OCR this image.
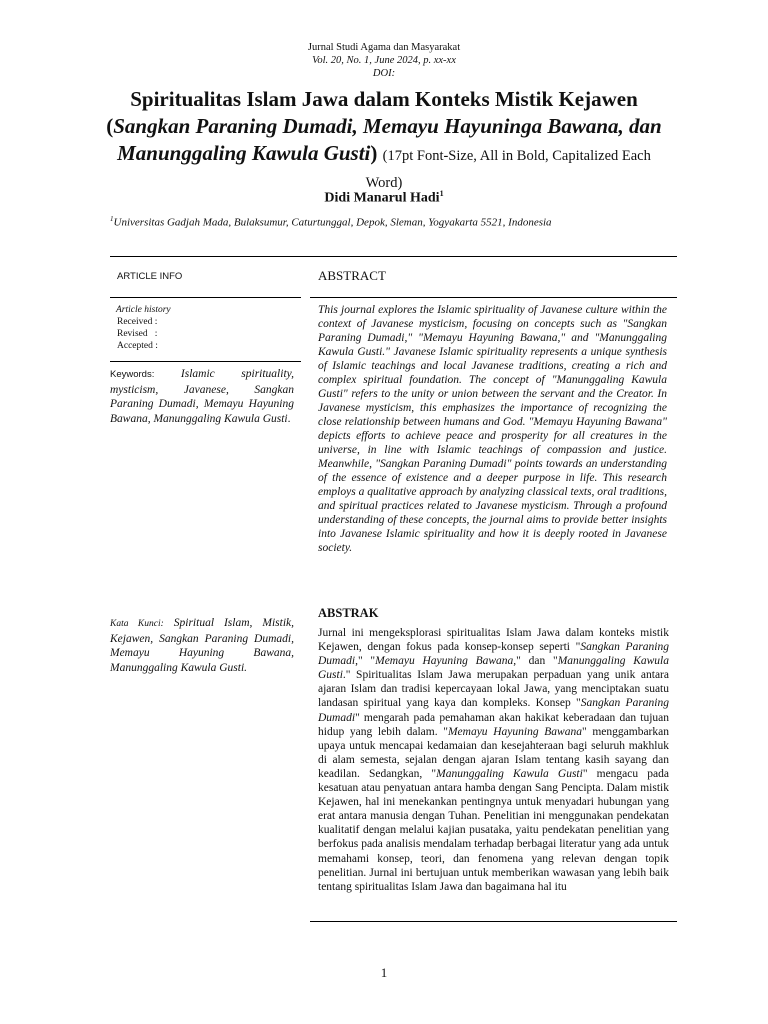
Jurnal Studi Agama dan Masyarakat
Vol. 20, No. 1, June 2024, p. xx-xx
DOI:
Spiritualitas Islam Jawa dalam Konteks Mistik Kejawen
(Sangkan Paraning Dumadi, Memayu Hayuninga Bawana, dan Manunggaling Kawula Gusti) (17pt Font-Size, All in Bold, Capitalized Each Word)
Didi Manarul Hadi$^1$
$^1$Universitas Gadjah Mada, Bulaksumur, Caturtunggal, Depok, Sleman, Yogyakarta 5521, Indonesia
ARTICLE INFO	ABSTRACT
Article history
Received :
Revised   :
Accepted :
Keywords: Islamic spirituality, mysticism, Javanese, Sangkan Paraning Dumadi, Memayu Hayuning Bawana, Manunggaling Kawula Gusti.
This journal explores the Islamic spirituality of Javanese culture within the context of Javanese mysticism, focusing on concepts such as "Sangkan Paraning Dumadi," "Memayu Hayuning Bawana," and "Manunggaling Kawula Gusti." Javanese Islamic spirituality represents a unique synthesis of Islamic teachings and local Javanese traditions, creating a rich and complex spiritual foundation. The concept of "Manunggaling Kawula Gusti" refers to the unity or union between the servant and the Creator. In Javanese mysticism, this emphasizes the importance of recognizing the close relationship between humans and God. "Memayu Hayuning Bawana" depicts efforts to achieve peace and prosperity for all creatures in the universe, in line with Islamic teachings of compassion and justice. Meanwhile, "Sangkan Paraning Dumadi" points towards an understanding of the essence of existence and a deeper purpose in life. This research employs a qualitative approach by analyzing classical texts, oral traditions, and spiritual practices related to Javanese mysticism. Through a profound understanding of these concepts, the journal aims to provide better insights into Javanese Islamic spirituality and how it is deeply rooted in Javanese society.
Kata Kunci: Spiritual Islam, Mistik, Kejawen, Sangkan Paraning Dumadi, Memayu Hayuning Bawana, Manunggaling Kawula Gusti.
ABSTRAK
Jurnal ini mengeksplorasi spiritualitas Islam Jawa dalam konteks mistik Kejawen, dengan fokus pada konsep-konsep seperti "Sangkan Paraning Dumadi," "Memayu Hayuning Bawana," dan "Manunggaling Kawula Gusti." Spiritualitas Islam Jawa merupakan perpaduan yang unik antara ajaran Islam dan tradisi kepercayaan lokal Jawa, yang menciptakan suatu landasan spiritual yang kaya dan kompleks. Konsep "Sangkan Paraning Dumadi" mengarah pada pemahaman akan hakikat keberadaan dan tujuan hidup yang lebih dalam. "Memayu Hayuning Bawana" menggambarkan upaya untuk mencapai kedamaian dan kesejahteraan bagi seluruh makhluk di alam semesta, sejalan dengan ajaran Islam tentang kasih sayang dan keadilan. Sedangkan, "Manunggaling Kawula Gusti" mengacu pada kesatuan atau penyatuan antara hamba dengan Sang Pencipta. Dalam mistik Kejawen, hal ini menekankan pentingnya untuk menyadari hubungan yang erat antara manusia dengan Tuhan. Penelitian ini menggunakan pendekatan kualitatif dengan melalui kajian pusataka, yaitu pendekatan penelitian yang berfokus pada analisis mendalam terhadap berbagai literatur yang ada untuk memahami konsep, teori, dan fenomena yang relevan dengan topik penelitian. Jurnal ini bertujuan untuk memberikan wawasan yang lebih baik tentang spiritualitas Islam Jawa dan bagaimana hal itu
1
